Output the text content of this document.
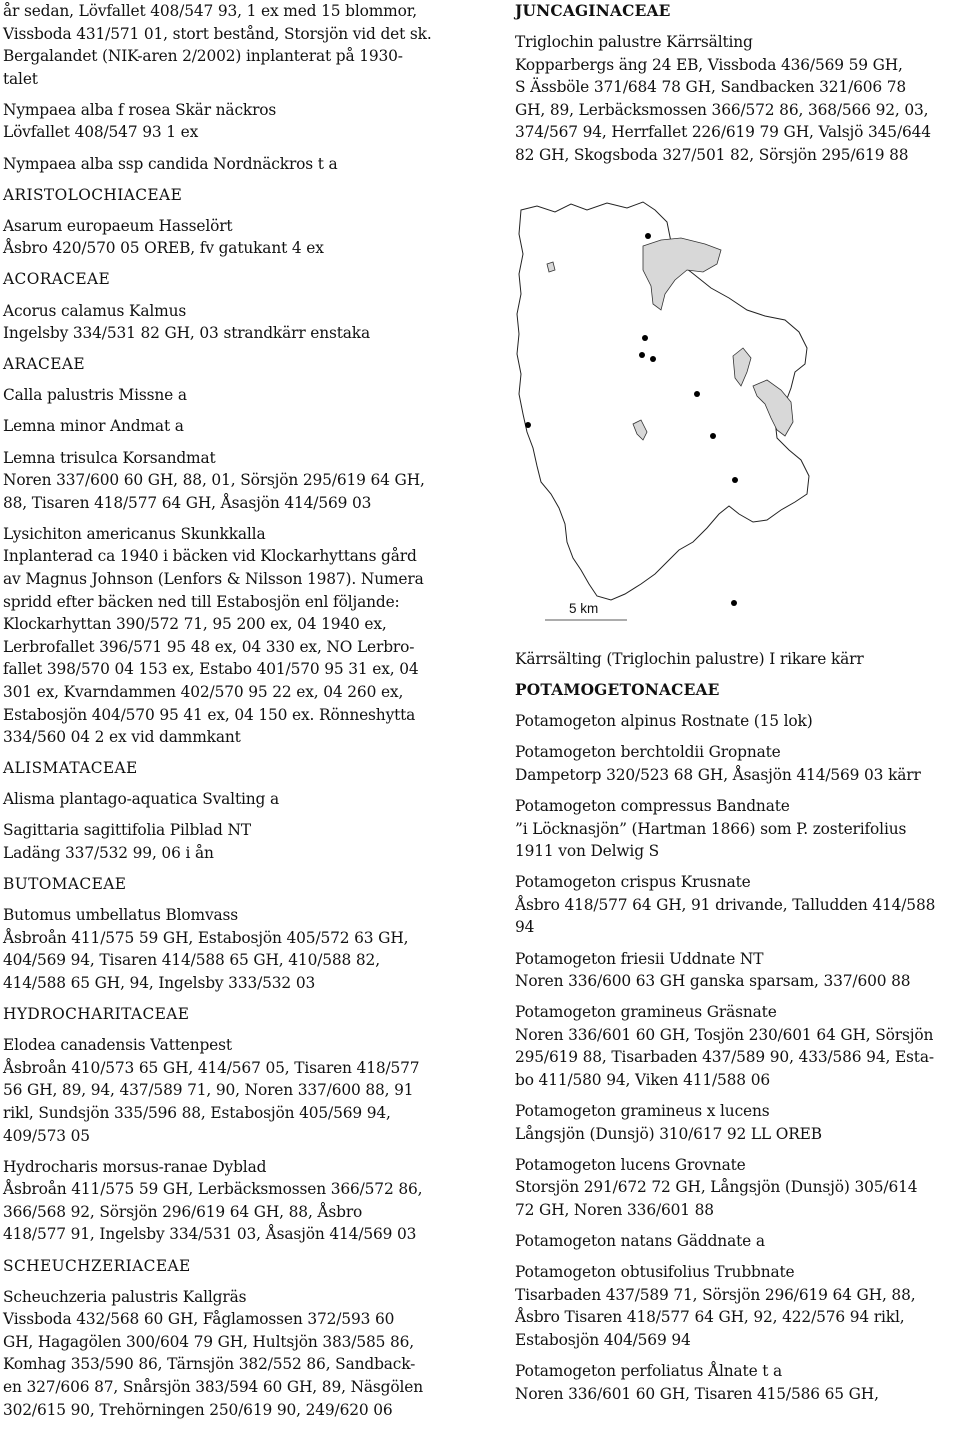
år sedan, Lövfallet 408/547 93, 1 ex med 15 blommor,
Vissboda 431/571 01, stort bestånd, Storsjön vid det sk.
Bergalandet (NIK-aren 2/2002) inplanterat på 1930-
talet
Nympaea alba f rosea Skär näckros
Lövfallet 408/547 93 1 ex
Nympaea alba ssp candida Nordnäckros t a
ARISTOLOCHIACEAE
Asarum europaeum Hasselört
Åsbro 420/570 05 OREB, fv gatukant 4 ex
ACORACEAE
Acorus calamus Kalmus
Ingelsby 334/531 82 GH, 03 strandkärr enstaka
ARACEAE
Calla palustris Missne a
Lemna minor Andmat a
Lemna trisulca Korsandmat
Noren 337/600 60 GH, 88, 01, Sörsjön 295/619 64 GH,
88, Tisaren 418/577 64 GH, Åsasjön 414/569 03
Lysichiton americanus Skunkkalla
Inplanterad ca 1940 i bäcken vid Klockarhyttans gård
av Magnus Johnson (Lenfors & Nilsson 1987). Numera
spridd efter bäcken ned till Estabosjön enl följande:
Klockarhyttan 390/572 71, 95 200 ex, 04 1940 ex,
Lerbrofallet 396/571 95 48 ex, 04 330 ex, NO Lerbro-
fallet 398/570 04 153 ex, Estabo 401/570 95 31 ex, 04
301 ex, Kvarndammen 402/570 95 22 ex, 04 260 ex,
Estabosjön 404/570 95 41 ex, 04 150 ex. Rönneshytta
334/560 04 2 ex vid dammkant
ALISMATACEAE
Alisma plantago-aquatica Svalting a
Sagittaria sagittifolia Pilblad NT
Ladäng 337/532 99, 06 i ån
BUTOMACEAE
Butomus umbellatus Blomvass
Åsbroån 411/575 59 GH, Estabosjön 405/572 63 GH,
404/569 94, Tisaren 414/588 65 GH, 410/588 82,
414/588 65 GH, 94, Ingelsby 333/532 03
HYDROCHARITACEAE
Elodea canadensis Vattenpest
Åsbroån 410/573 65 GH, 414/567 05, Tisaren 418/577
56 GH, 89, 94, 437/589 71, 90, Noren 337/600 88, 91
rikl, Sundsjön 335/596 88, Estabosjön 405/569 94,
409/573 05
Hydrocharis morsus-ranae Dyblad
Åsbroån 411/575 59 GH, Lerbäcksmossen 366/572 86,
366/568 92, Sörsjön 296/619 64 GH, 88, Åsbro
418/577 91, Ingelsby 334/531 03, Åsasjön 414/569 03
SCHEUCHZERIACEAE
Scheuchzeria palustris Kallgräs
Vissboda 432/568 60 GH, Fåglamossen 372/593 60
GH, Hagagölen 300/604 79 GH, Hultsjön 383/585 86,
Komhag 353/590 86, Tärnsjön 382/552 86, Sandback-
en 327/606 87, Snårsjön 383/594 60 GH, 89, Näsgölen
302/615 90, Trehörningen 250/619 90, 249/620 06
JUNCAGINACEAE
Triglochin palustre Kärrsälting
Kopparbergs äng 24 EB, Vissboda 436/569 59 GH,
S Ässböle 371/684 78 GH, Sandbacken 321/606 78
GH, 89, Lerbäcksmossen 366/572 86, 368/566 92, 03,
374/567 94, Herrfallet 226/619 79 GH, Valsjö 345/644
82 GH, Skogsboda 327/501 82, Sörsjön 295/619 88
5 km
Kärrsälting (Triglochin palustre) I rikare kärr
POTAMOGETONACEAE
Potamogeton alpinus Rostnate (15 lok)
Potamogeton berchtoldii Gropnate
Dampetorp 320/523 68 GH, Åsasjön 414/569 03 kärr
Potamogeton compressus Bandnate
”i Löcknasjön” (Hartman 1866) som P. zosterifolius
1911 von Delwig S
Potamogeton crispus Krusnate
Åsbro 418/577 64 GH, 91 drivande, Talludden 414/588
94
Potamogeton friesii Uddnate NT
Noren 336/600 63 GH ganska sparsam, 337/600 88
Potamogeton gramineus Gräsnate
Noren 336/601 60 GH, Tosjön 230/601 64 GH, Sörsjön
295/619 88, Tisarbaden 437/589 90, 433/586 94, Esta-
bo 411/580 94, Viken 411/588 06
Potamogeton gramineus x lucens
Långsjön (Dunsjö) 310/617 92 LL OREB
Potamogeton lucens Grovnate
Storsjön 291/672 72 GH, Långsjön (Dunsjö) 305/614
72 GH, Noren 336/601 88
Potamogeton natans Gäddnate a
Potamogeton obtusifolius Trubbnate
Tisarbaden 437/589 71, Sörsjön 296/619 64 GH, 88,
Åsbro Tisaren 418/577 64 GH, 92, 422/576 94 rikl,
Estabosjön 404/569 94
Potamogeton perfoliatus Ålnate t a
Noren 336/601 60 GH, Tisaren 415/586 65 GH,
